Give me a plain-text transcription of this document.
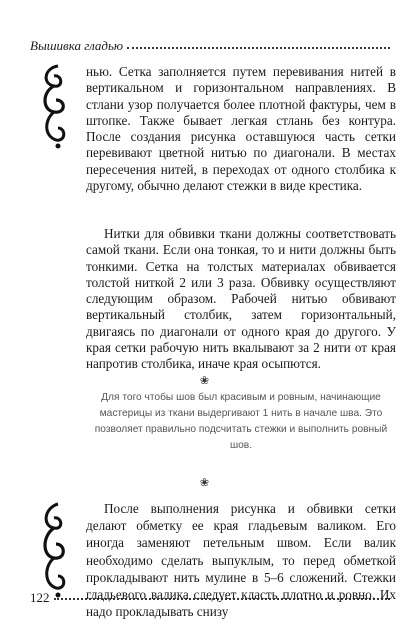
Вышивка гладью

нью. Сетка заполняется путем перевивания нитей в вертикальном и горизонтальном направлениях. В стлани узор получается более плотной фактуры, чем в штопке. Также бывает легкая стлань без контура. После создания рисунка оставшуюся часть сетки перевивают цветной нитью по диагонали. В местах пересечения нитей, в переходах от одного столбика к другому, обычно делают стежки в виде крестика.

Нитки для обвивки ткани должны соответствовать самой ткани. Если она тонкая, то и нити должны быть тонкими. Сетка на толстых материалах обвивается толстой ниткой 2 или 3 раза. Обвивку осуществляют следующим образом. Рабочей нитью обвивают вертикальный столбик, затем горизонтальный, двигаясь по диагонали от одного края до другого. У края сетки рабочую нить вкалывают за 2 нити от края напротив столбика, иначе края осыпются.

❀
Для того чтобы шов был красивым и ровным, начинающие мастерицы из ткани выдергивают 1 нить в начале шва. Это позволяет правильно подсчитать стежки и выполнить ровный шов.
❀

После выполнения рисунка и обвивки сетки делают обметку ее края гладьевым валиком. Его иногда заменяют петельным швом. Если валик необходимо сделать выпуклым, то перед обметкой прокладывают нить мулине в 5–6 сложений. Стежки гладьевого валика следует класть плотно и ровно. Их надо прокладывать снизу

122
